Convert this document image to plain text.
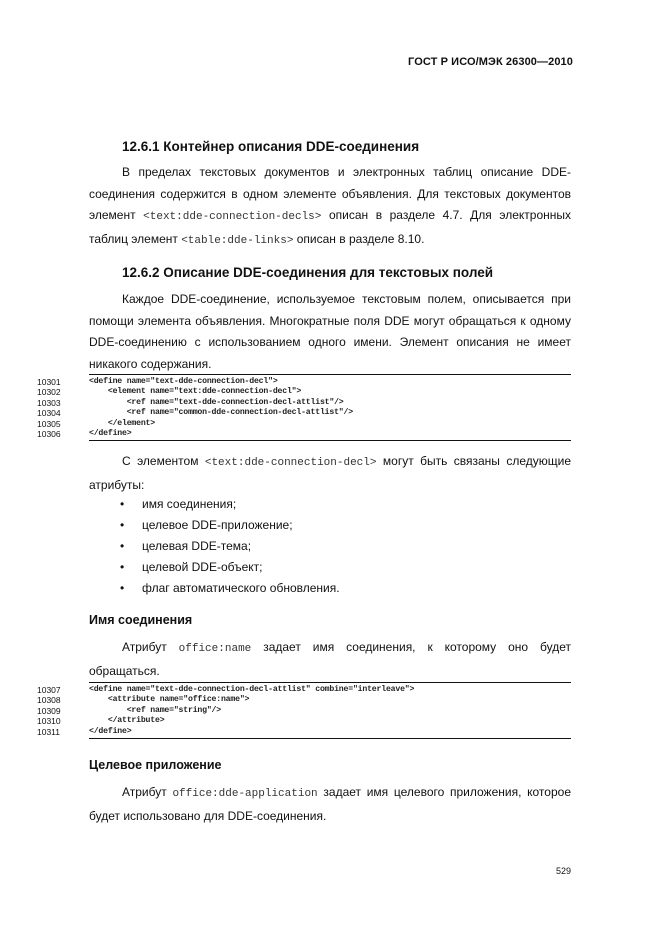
ГОСТ Р ИСО/МЭК 26300—2010
12.6.1 Контейнер описания DDE-соединения

В пределах текстовых документов и электронных таблиц описание DDE-соединения содержится в одном элементе объявления. Для текстовых документов элемент <text:dde-connection-decls> описан в разделе 4.7. Для электронных таблиц элемент <table:dde-links> описан в разделе 8.10.

12.6.2 Описание DDE-соединения для текстовых полей

Каждое DDE-соединение, используемое текстовым полем, описывается при помощи элемента объявления. Многократные поля DDE могут обращаться к одному DDE-соединению с использованием одного имени. Элемент описания не имеет никакого содержания.

10301	<define name="text-dde-connection-decl">
10302	<element name="text:dde-connection-decl">
10303	<ref name="text-dde-connection-decl-attlist"/>
10304	<ref name="common-dde-connection-decl-attlist"/>
10305	</element>
10306	</define>

С элементом <text:dde-connection-decl> могут быть связаны следующие атрибуты:

• имя соединения;
• целевое DDE-приложение;
• целевая DDE-тема;
• целевой DDE-объект;
• флаг автоматического обновления.
Имя соединения

Атрибут office:name задает имя соединения, к которому оно будет обращаться.

10307	<define name="text-dde-connection-decl-attlist" combine="interleave">
10308	<attribute name="office:name">
10309	<ref name="string"/>
10310	</attribute>
10311	</define>
Целевое приложение

Атрибут office:dde-application задает имя целевого приложения, которое будет использовано для DDE-соединения.

529
